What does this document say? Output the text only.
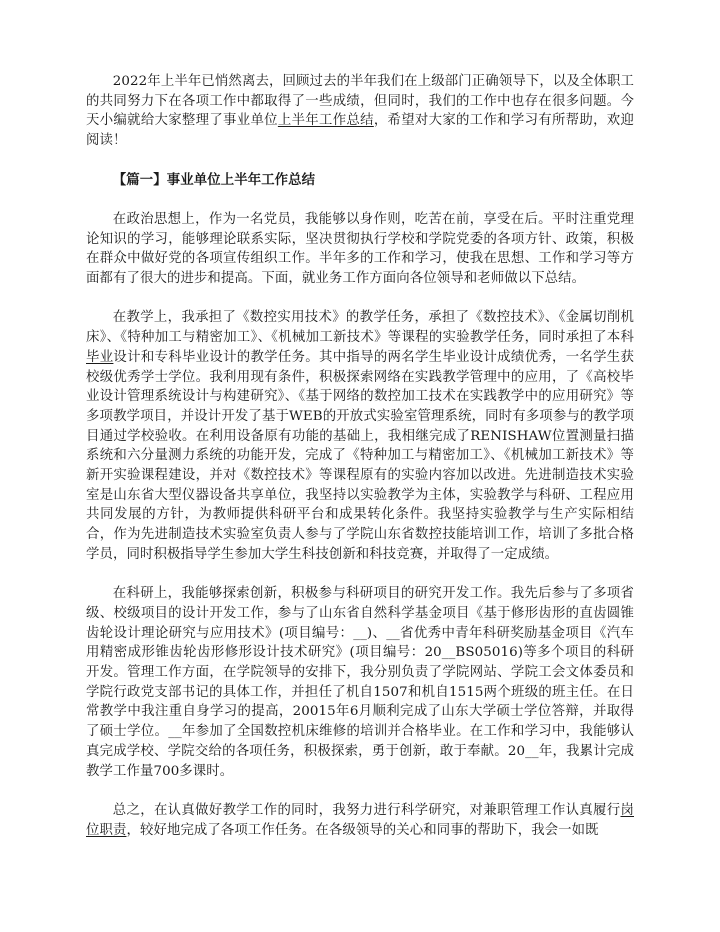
2022年上半年已悄然离去，回顾过去的半年我们在上级部门正确领导下，以及全体职工的共同努力下在各项工作中都取得了一些成绩，但同时，我们的工作中也存在很多问题。今天小编就给大家整理了事业单位上半年工作总结，希望对大家的工作和学习有所帮助，欢迎阅读！

【篇一】事业单位上半年工作总结

在政治思想上，作为一名党员，我能够以身作则，吃苦在前，享受在后。平时注重党理论知识的学习，能够理论联系实际，坚决贯彻执行学校和学院党委的各项方针、政策，积极在群众中做好党的各项宣传组织工作。半年多的工作和学习，使我在思想、工作和学习等方面都有了很大的进步和提高。下面，就业务工作方面向各位领导和老师做以下总结。

在教学上，我承担了《数控实用技术》的教学任务，承担了《数控技术》、《金属切削机床》、《特种加工与精密加工》、《机械加工新技术》等课程的实验教学任务，同时承担了本科毕业设计和专科毕业设计的教学任务。其中指导的两名学生毕业设计成绩优秀，一名学生获校级优秀学士学位。我利用现有条件，积极探索网络在实践教学管理中的应用，了《高校毕业设计管理系统设计与构建研究》、《基于网络的数控加工技术在实践教学中的应用研究》等多项教学项目，并设计开发了基于WEB的开放式实验室管理系统，同时有多项参与的教学项目通过学校验收。在利用设备原有功能的基础上，我相继完成了RENISHAW位置测量扫描系统和六分量测力系统的功能开发，完成了《特种加工与精密加工》、《机械加工新技术》等新开实验课程建设，并对《数控技术》等课程原有的实验内容加以改进。先进制造技术实验室是山东省大型仪器设备共享单位，我坚持以实验教学为主体，实验教学与科研、工程应用共同发展的方针，为教师提供科研平台和成果转化条件。我坚持实验教学与生产实际相结合，作为先进制造技术实验室负责人参与了学院山东省数控技能培训工作，培训了多批合格学员，同时积极指导学生参加大学生科技创新和科技竞赛，并取得了一定成绩。

在科研上，我能够探索创新，积极参与科研项目的研究开发工作。我先后参与了多项省级、校级项目的设计开发工作，参与了山东省自然科学基金项目《基于修形齿形的直齿圆锥齿轮设计理论研究与应用技术》(项目编号：__)、__省优秀中青年科研奖励基金项目《汽车用精密成形锥齿轮齿形修形设计技术研究》(项目编号：20__BS05016)等多个项目的科研开发。管理工作方面，在学院领导的安排下，我分别负责了学院网站、学院工会文体委员和学院行政党支部书记的具体工作，并担任了机自1507和机自1515两个班级的班主任。在日常教学中我注重自身学习的提高，20015年6月顺利完成了山东大学硕士学位答辩，并取得了硕士学位。__年参加了全国数控机床维修的培训并合格毕业。在工作和学习中，我能够认真完成学校、学院交给的各项任务，积极探索，勇于创新，敢于奉献。20__年，我累计完成教学工作量700多课时。

总之，在认真做好教学工作的同时，我努力进行科学研究，对兼职管理工作认真履行岗位职责，较好地完成了各项工作任务。在各级领导的关心和同事的帮助下，我会一如既
